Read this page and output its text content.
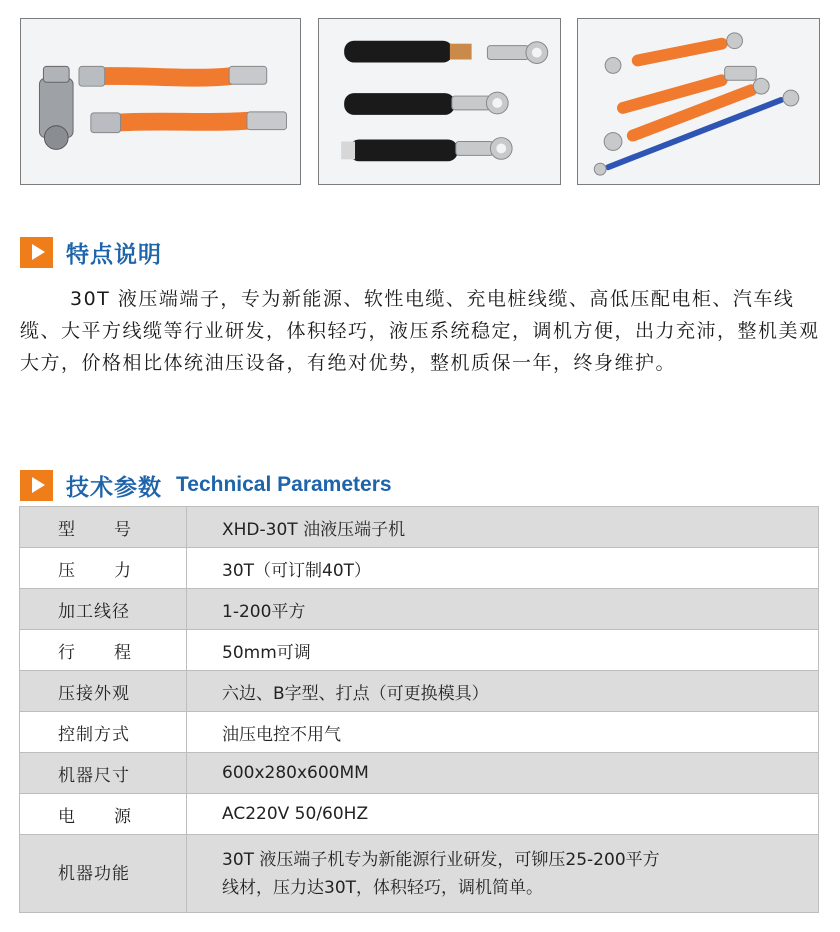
特点说明

30T 液压端端子，专为新能源、软性电缆、充电桩线缆、高低压配电柜、汽车线缆、大平方线缆等行业研发，体积轻巧，液压系统稳定，调机方便，出力充沛，整机美观大方，价格相比体统油压设备，有绝对优势，整机质保一年，终身维护。

技术参数 Technical Parameters
型 号	XHD-30T 油液压端子机

压 力	30T（可订制40T）
加工线径	1-200平方

行 程	50mm可调
压接外观	六边、B字型、打点（可更换模具）
控制方式	油压电控不用气
机器尺寸	600x280x600MM

电 源	AC220V 50/60HZ
机器功能	30T 液压端子机专为新能源行业研发，可铆压25-200平方
线材，压力达30T，体积轻巧，调机简单。
